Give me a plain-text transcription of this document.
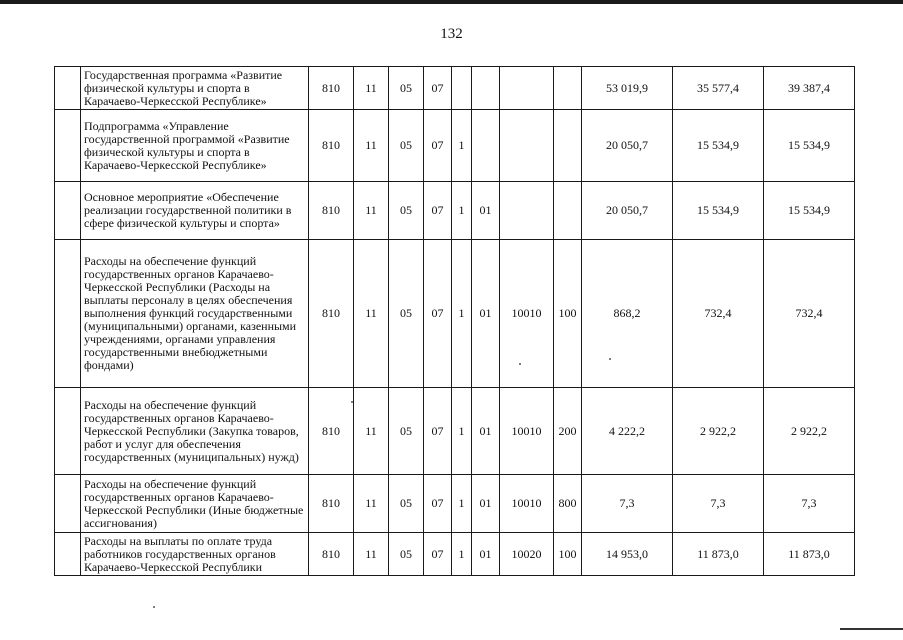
132
	Государственная программа «Развитие физической культуры и спорта в Карачаево-Черкесской Республике»	810	11	05	07					53 019,9	35 577,4	39 387,4
	Подпрограмма «Управление государственной программой «Развитие физической культуры и спорта в Карачаево-Черкесской Республике»	810	11	05	07	1				20 050,7	15 534,9	15 534,9
	Основное мероприятие «Обеспечение реализации государственной политики в сфере физической культуры и спорта»	810	11	05	07	1	01			20 050,7	15 534,9	15 534,9
	Расходы на обеспечение функций государственных органов Карачаево-Черкесской Республики (Расходы на выплаты персоналу в целях обеспечения выполнения функций государственными (муниципальными) органами, казенными учреждениями, органами управления государственными внебюджетными фондами)	810	11	05	07	1	01	10010	100	868,2	732,4	732,4
	Расходы на обеспечение функций государственных органов Карачаево-Черкесской Республики (Закупка товаров, работ и услуг для обеспечения государственных (муниципальных) нужд)	810	11	05	07	1	01	10010	200	4 222,2	2 922,2	2 922,2
	Расходы на обеспечение функций государственных органов Карачаево-Черкесской Республики (Иные бюджетные ассигнования)	810	11	05	07	1	01	10010	800	7,3	7,3	7,3
	Расходы на выплаты по оплате труда работников государственных органов Карачаево-Черкесской Республики	810	11	05	07	1	01	10020	100	14 953,0	11 873,0	11 873,0
